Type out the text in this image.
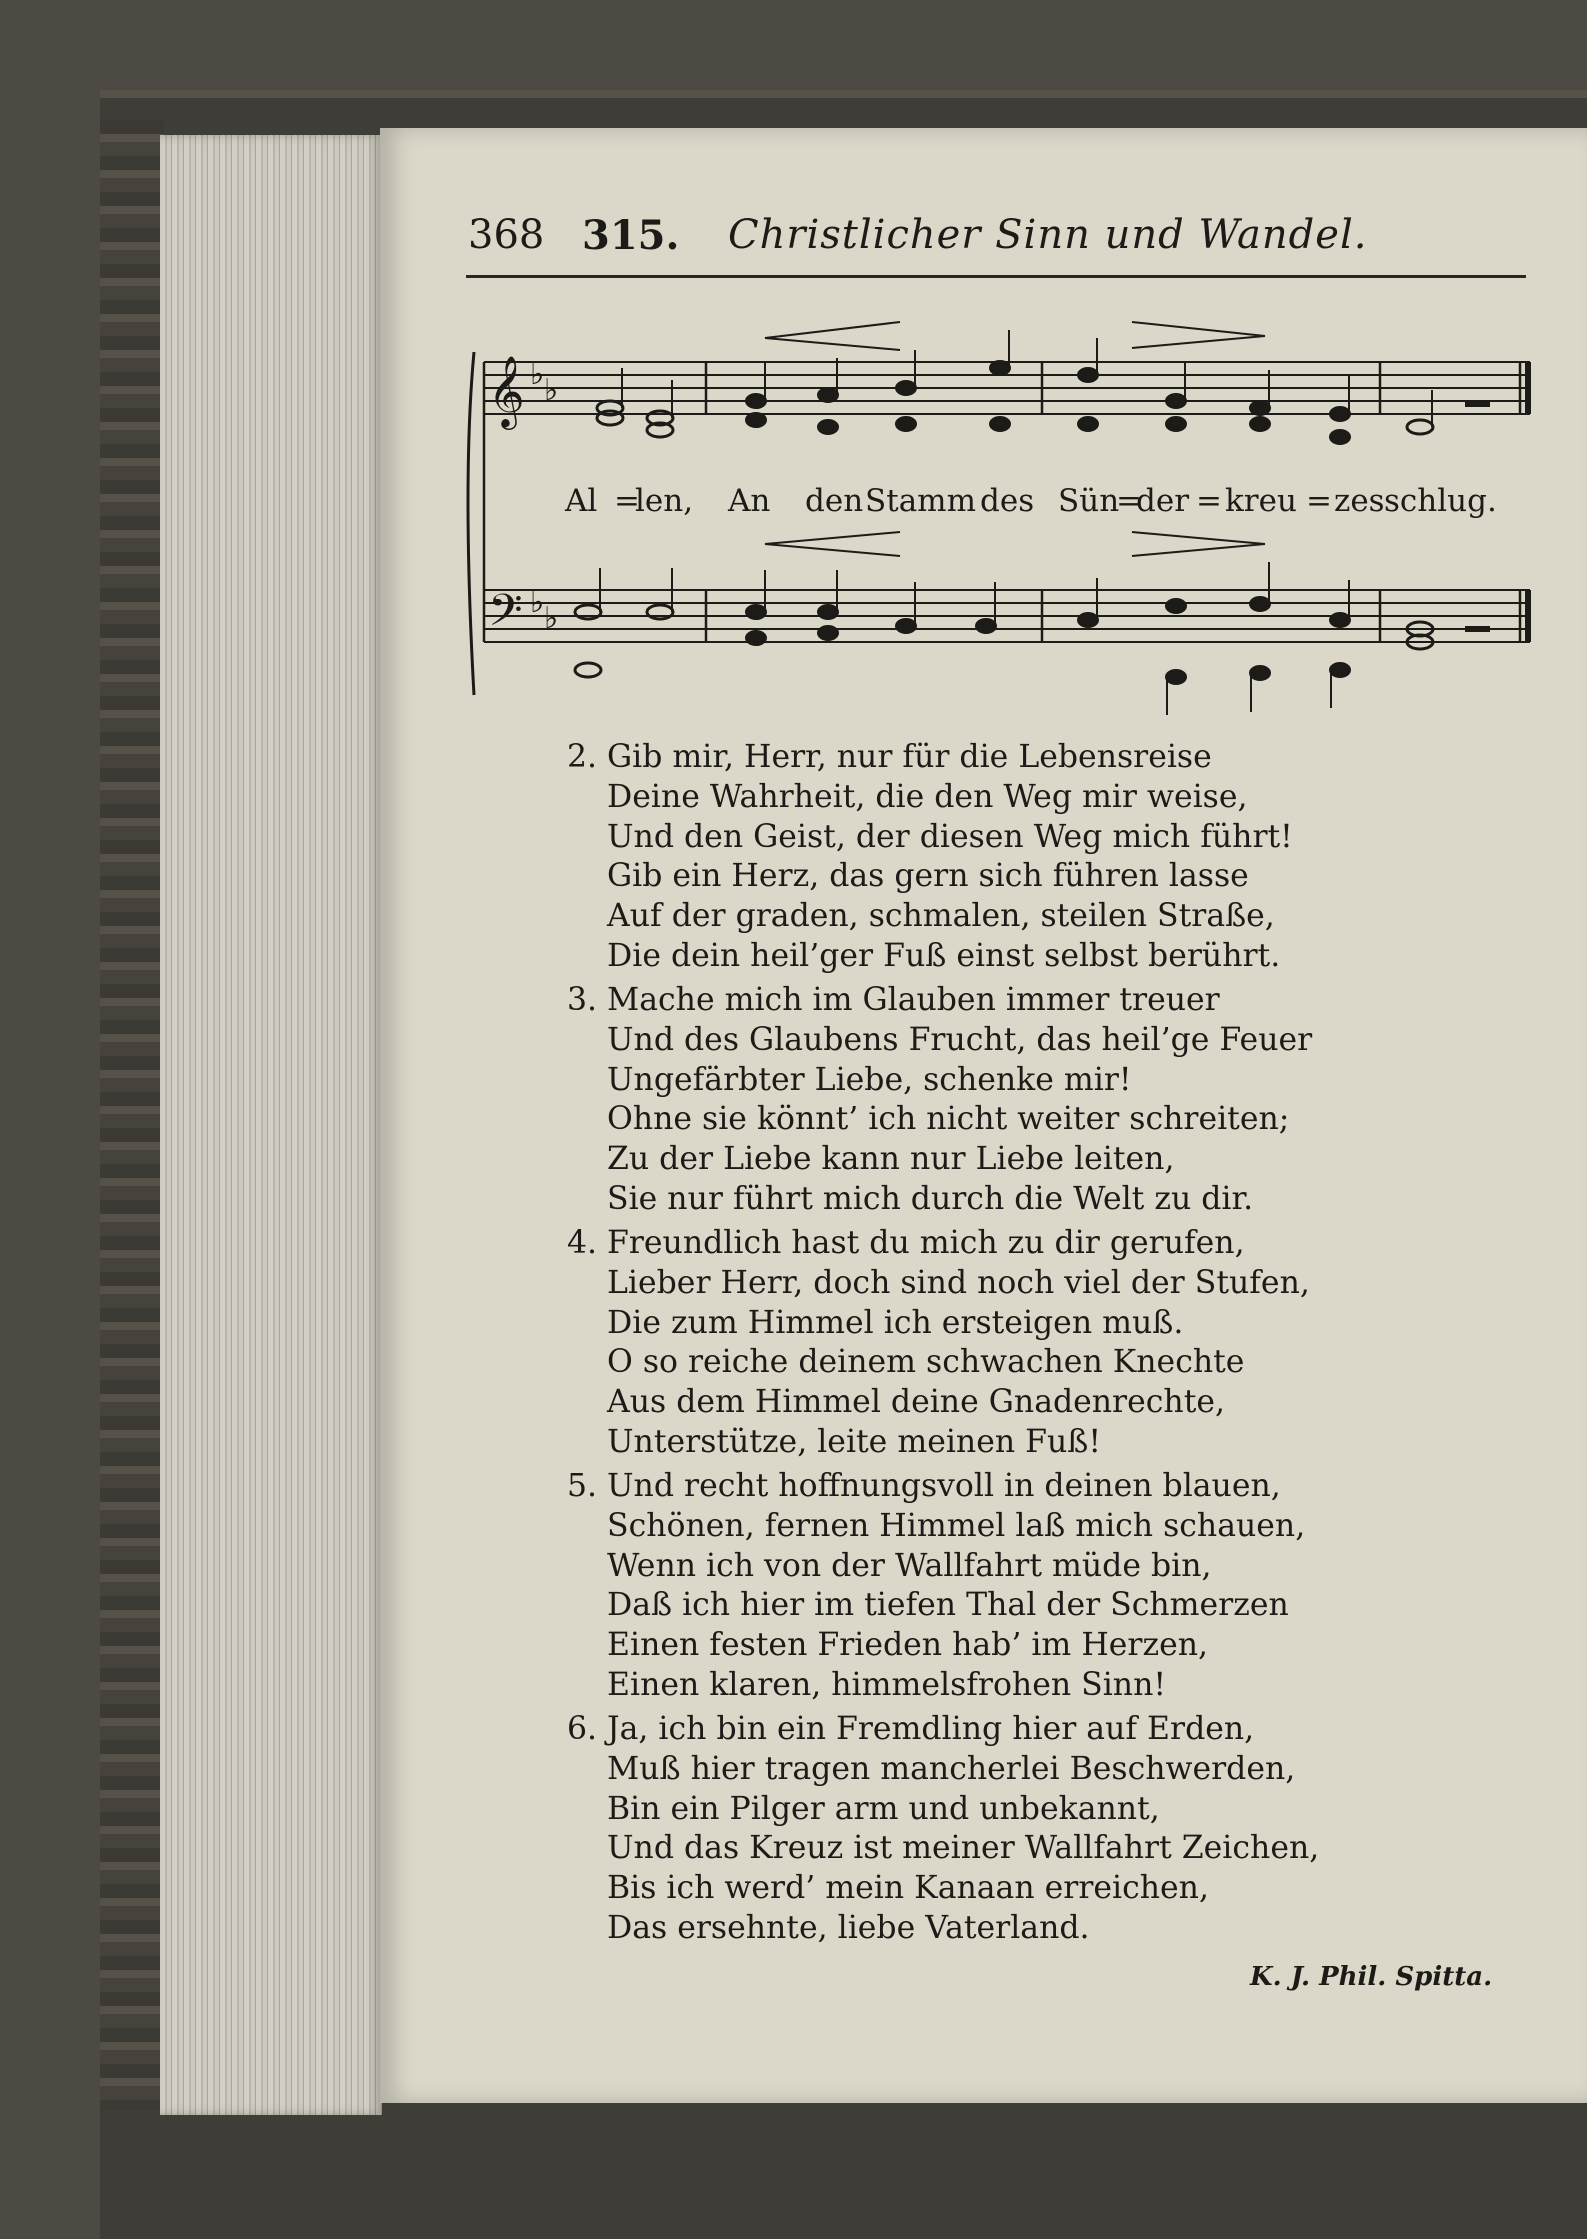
368 315. Christlicher Sinn und Wandel.
𝄞
𝄢
♭ ♭
♭ ♭
Al =
len, An den Stamm des Sün
=
der = kreu = zes schlug.
2. Gib mir, Herr, nur für die Lebensreise
Deine Wahrheit, die den Weg mir weise,
Und den Geist, der diesen Weg mich führt!
Gib ein Herz, das gern sich führen lasse
Auf der graden, schmalen, steilen Straße,
Die dein heil’ger Fuß einst selbst berührt.
3. Mache mich im Glauben immer treuer
Und des Glaubens Frucht, das heil’ge Feuer
Ungefärbter Liebe, schenke mir!
Ohne sie könnt’ ich nicht weiter schreiten;
Zu der Liebe kann nur Liebe leiten,
Sie nur führt mich durch die Welt zu dir.
4. Freundlich hast du mich zu dir gerufen,
Lieber Herr, doch sind noch viel der Stufen,
Die zum Himmel ich ersteigen muß.
O so reiche deinem schwachen Knechte
Aus dem Himmel deine Gnadenrechte,
Unterstütze, leite meinen Fuß!
5. Und recht hoffnungsvoll in deinen blauen,
Schönen, fernen Himmel laß mich schauen,
Wenn ich von der Wallfahrt müde bin,
Daß ich hier im tiefen Thal der Schmerzen
Einen festen Frieden hab’ im Herzen,
Einen klaren, himmelsfrohen Sinn!
6. Ja, ich bin ein Fremdling hier auf Erden,
Muß hier tragen mancherlei Beschwerden,
Bin ein Pilger arm und unbekannt,
Und das Kreuz ist meiner Wallfahrt Zeichen,
Bis ich werd’ mein Kanaan erreichen,
Das ersehnte, liebe Vaterland.
K. J. Phil. Spitta.
